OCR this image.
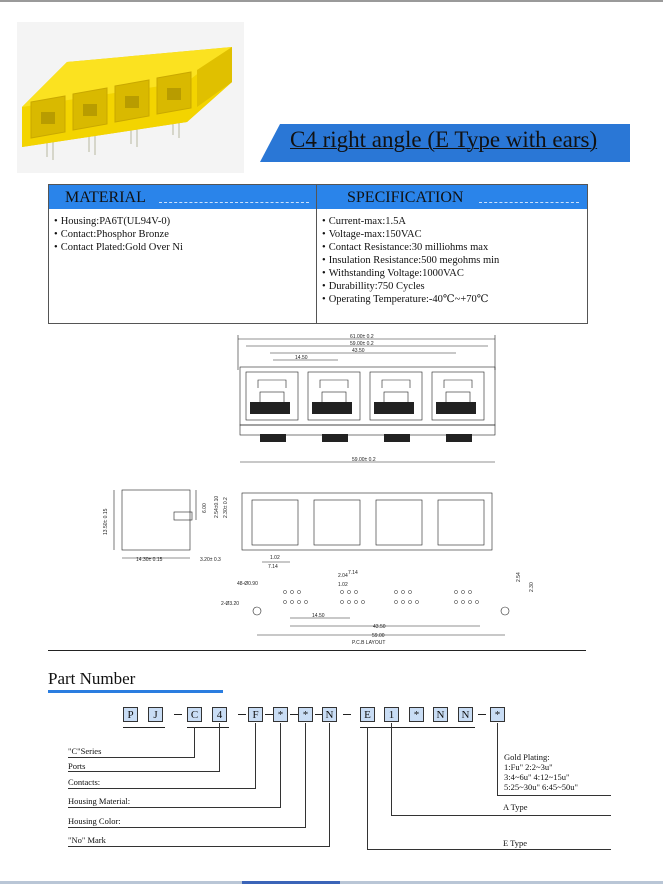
C4 right angle (E Type with ears)
MATERIAL	SPECIFICATION
• Housing:PA6T(UL94V-0)
• Contact:Phosphor Bronze
• Contact Plated:Gold Over Ni
• Current-max:1.5A
• Voltage-max:150VAC
• Contact Resistance:30 milliohms max
• Insulation Resistance:500 megohms min
• Withstanding Voltage:1000VAC
• Durabillity:750 Cycles
• Operating Temperature:-40℃~+70℃
61.00± 0.2
59.00± 0.2
43.50
14.50
59.00± 0.2
13.50± 0.15
6.00 2.54±0.10 2.30± 0.2
14.30± 0.15	3.20± 0.3	1.02
7.14
2.04
1.02
7.14	2.54
2.30
48-Ø0.90
2-Ø3.20
14.50
43.50
59.00
P.C.B LAYOUT
Part Number
P	J	C	4	F	*	*	N	E	1	N	N
*	*
"C"Series
Ports
Contacts:
Housing Material:
Housing Color:
"No" Mark
A Type
E Type
Gold Plating:
1:Fu" 2:2~3u"
3:4~6u" 4:12~15u"
5:25~30u" 6:45~50u"
